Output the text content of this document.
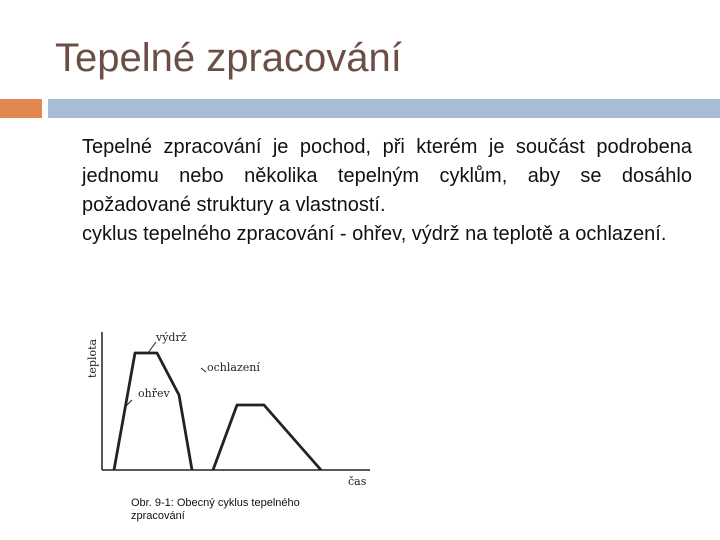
Tepelné zpracování

Tepelné zpracování je pochod, při kterém je součást podrobena jednomu nebo několika tepelným cyklům, aby se dosáhlo požadované struktury a vlastností.

cyklus tepelného zpracování - ohřev, výdrž na teplotě a ochlazení.

teplota
čas
výdrž
ochlazení
ohřev
Obr. 9-1: Obecný cyklus tepelného zpracování
